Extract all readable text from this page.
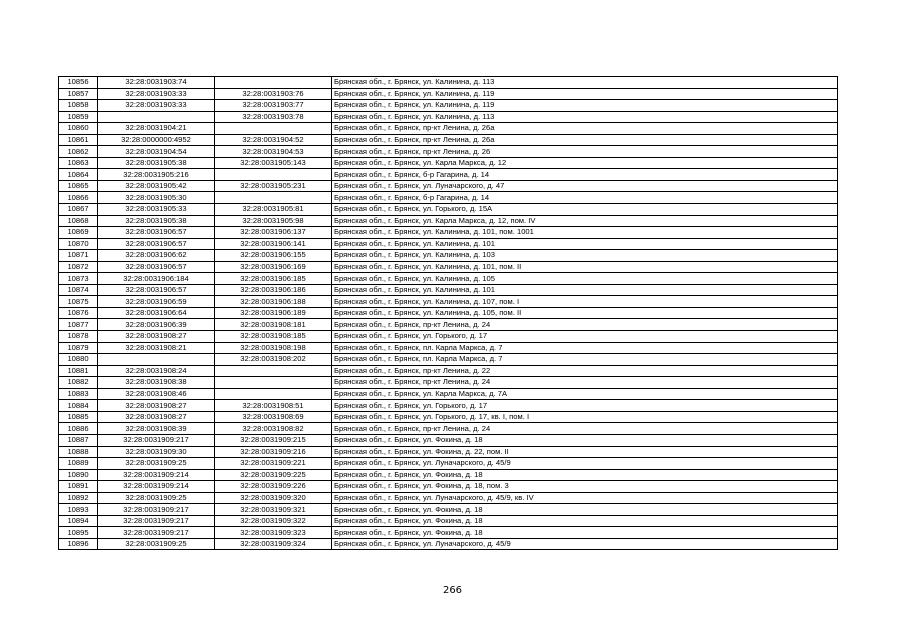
10856	32:28:0031903:74		Брянская обл., г. Брянск, ул. Калинина, д. 113
10857	32:28:0031903:33	32:28:0031903:76	Брянская обл., г. Брянск, ул. Калинина, д. 119
10858	32:28:0031903:33	32:28:0031903:77	Брянская обл., г. Брянск, ул. Калинина, д. 119
10859		32:28:0031903:78	Брянская обл., г. Брянск, ул. Калинина, д. 113
10860	32:28:0031904:21		Брянская обл., г. Брянск, пр-кт Ленина, д. 26а
10861	32:28:0000000:4952	32:28:0031904:52	Брянская обл., г. Брянск, пр-кт Ленина, д. 26а
10862	32:28:0031904:54	32:28:0031904:53	Брянская обл., г. Брянск, пр-кт Ленина, д. 26
10863	32:28:0031905:38	32:28:0031905:143	Брянская обл., г. Брянск, ул. Карла Маркса, д. 12
10864	32:28:0031905:216		Брянская обл., г. Брянск, б-р Гагарина, д. 14
10865	32:28:0031905:42	32:28:0031905:231	Брянская обл., г. Брянск, ул. Луначарского, д. 47
10866	32:28:0031905:30		Брянская обл., г. Брянск, б-р Гагарина, д. 14
10867	32:28:0031905:33	32:28:0031905:81	Брянская обл., г. Брянск, ул. Горького, д. 15А
10868	32:28:0031905:38	32:28:0031905:98	Брянская обл., г. Брянск, ул. Карла Маркса, д. 12, пом. IV
10869	32:28:0031906:57	32:28:0031906:137	Брянская обл., г. Брянск, ул. Калинина, д. 101, пом. 1001
10870	32:28:0031906:57	32:28:0031906:141	Брянская обл., г. Брянск, ул. Калинина, д. 101
10871	32:28:0031906:62	32:28:0031906:155	Брянская обл., г. Брянск, ул. Калинина, д. 103
10872	32:28:0031906:57	32:28:0031906:169	Брянская обл., г. Брянск, ул. Калинина, д. 101, пом. II
10873	32:28:0031906:184	32:28:0031906:185	Брянская обл., г. Брянск, ул. Калинина, д. 105
10874	32:28:0031906:57	32:28:0031906:186	Брянская обл., г. Брянск, ул. Калинина, д. 101
10875	32:28:0031906:59	32:28:0031906:188	Брянская обл., г. Брянск, ул. Калинина, д. 107, пом. I
10876	32:28:0031906:64	32:28:0031906:189	Брянская обл., г. Брянск, ул. Калинина, д. 105, пом. II
10877	32:28:0031906:39	32:28:0031908:181	Брянская обл., г. Брянск, пр-кт Ленина, д. 24
10878	32:28:0031908:27	32:28:0031908:185	Брянская обл., г. Брянск, ул. Горького, д. 17
10879	32:28:0031908:21	32:28:0031908:198	Брянская обл., г. Брянск, пл. Карла Маркса, д. 7
10880		32:28:0031908:202	Брянская обл., г. Брянск, пл. Карла Маркса, д. 7
10881	32:28:0031908:24		Брянская обл., г. Брянск, пр-кт Ленина, д. 22
10882	32:28:0031908:38		Брянская обл., г. Брянск, пр-кт Ленина, д. 24
10883	32:28:0031908:46		Брянская обл., г. Брянск, ул. Карла Маркса, д. 7А
10884	32:28:0031908:27	32:28:0031908:51	Брянская обл., г. Брянск, ул. Горького, д. 17
10885	32:28:0031908:27	32:28:0031908:69	Брянская обл., г. Брянск, ул. Горького, д. 17, кв. I, пом. I
10886	32:28:0031908:39	32:28:0031908:82	Брянская обл., г. Брянск, пр-кт Ленина, д. 24
10887	32:28:0031909:217	32:28:0031909:215	Брянская обл., г. Брянск, ул. Фокина, д. 18
10888	32:28:0031909:30	32:28:0031909:216	Брянская обл., г. Брянск, ул. Фокина, д. 22, пом. II
10889	32:28:0031909:25	32:28:0031909:221	Брянская обл., г. Брянск, ул. Луначарского, д. 45/9
10890	32:28:0031909:214	32:28:0031909:225	Брянская обл., г. Брянск, ул. Фокина, д. 18
10891	32:28:0031909:214	32:28:0031909:226	Брянская обл., г. Брянск, ул. Фокина, д. 18, пом. 3
10892	32:28:0031909:25	32:28:0031909:320	Брянская обл., г. Брянск, ул. Луначарского, д. 45/9, кв. IV
10893	32:28:0031909:217	32:28:0031909:321	Брянская обл., г. Брянск, ул. Фокина, д. 18
10894	32:28:0031909:217	32:28:0031909:322	Брянская обл., г. Брянск, ул. Фокина, д. 18
10895	32:28:0031909:217	32:28:0031909:323	Брянская обл., г. Брянск, ул. Фокина, д. 18
10896	32:28:0031909:25	32:28:0031909:324	Брянская обл., г. Брянск, ул. Луначарского, д. 45/9
266
